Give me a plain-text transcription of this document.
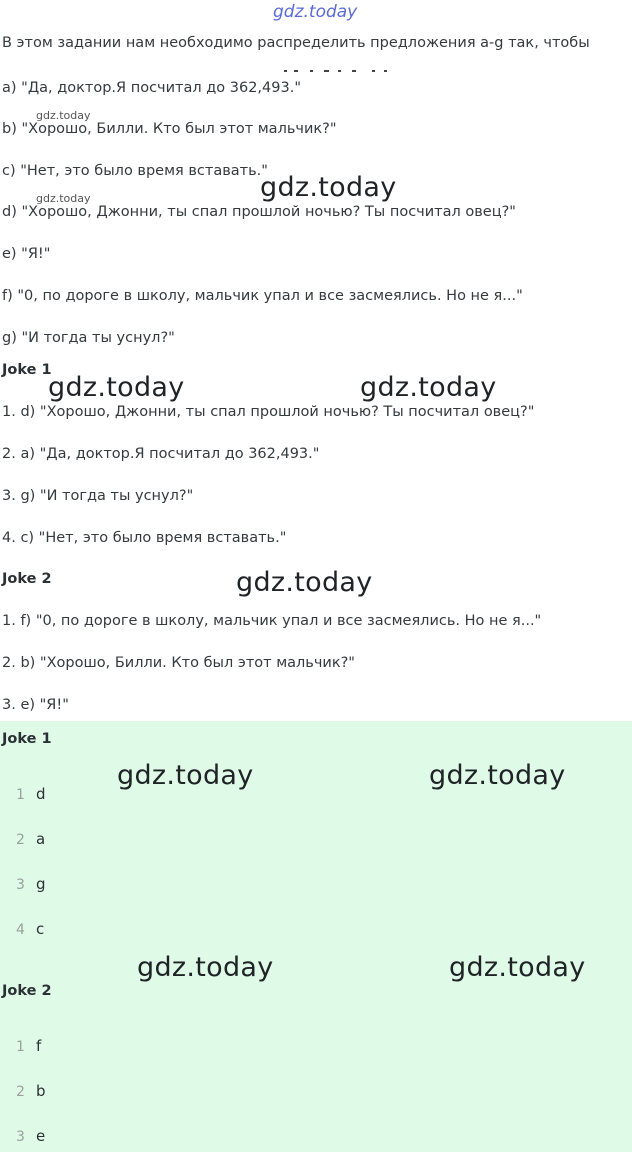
gdz.today
В этом задании нам необходимо распределить предложения a-g так, чтобы
a) "Да, доктор.Я посчитал до 362,493."
gdz.today
b) "Хорошо, Билли. Кто был этот мальчик?"
c) "Нет, это было время вставать."
gdz.today
gdz.today
d) "Хорошо, Джонни, ты спал прошлой ночью? Ты посчитал овец?"
e) "Я!"
f) "0, по дороге в школу, мальчик упал и все засмеялись. Но не я..."
g) "И тогда ты уснул?"
Joke 1
gdz.today	gdz.today
1. d) "Хорошо, Джонни, ты спал прошлой ночью? Ты посчитал овец?"
2. a) "Да, доктор.Я посчитал до 362,493."
3. g) "И тогда ты уснул?"
4. c) "Нет, это было время вставать."
Joke 2	gdz.today
1. f) "0, по дороге в школу, мальчик упал и все засмеялись. Но не я..."
2. b) "Хорошо, Билли. Кто был этот мальчик?"
3. e) "Я!"
Joke 1
gdz.today	gdz.today
1 d
2 a
3 g
4 c
gdz.today	gdz.today
Joke 2
1 f
2 b
3 e
